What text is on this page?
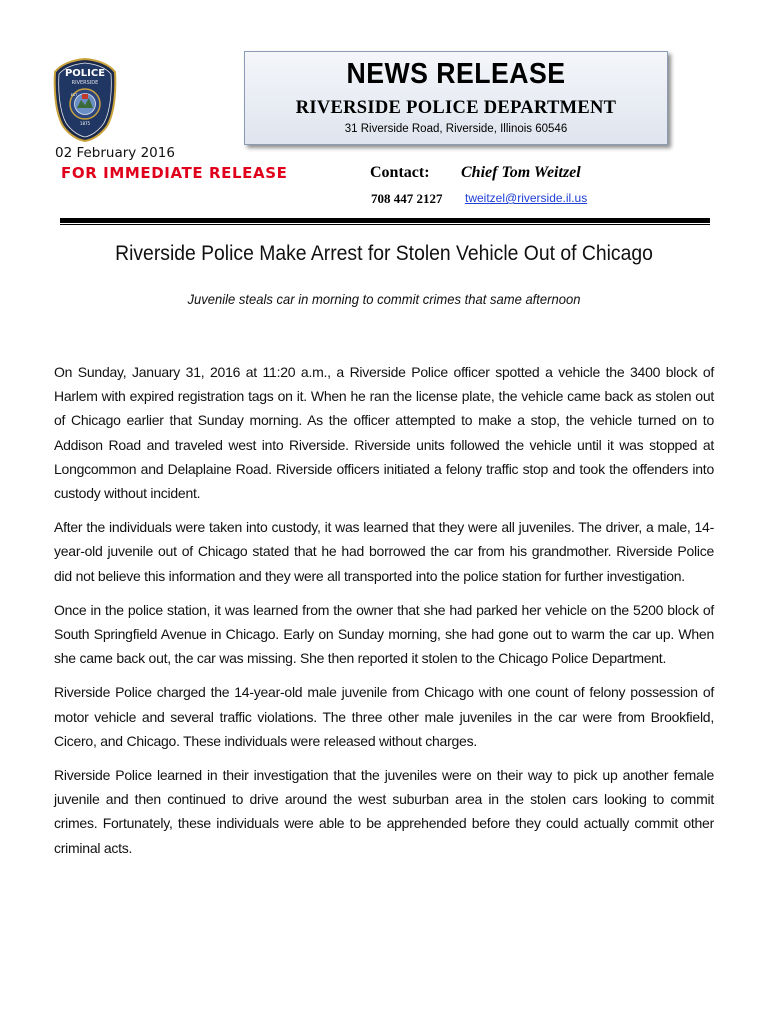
POLICE
RIVERSIDE
EST
1875
NEWS RELEASE
RIVERSIDE POLICE DEPARTMENT
31 Riverside Road, Riverside, Illinois 60546
02 February 2016
FOR IMMEDIATE RELEASE	Contact: Chief Tom Weitzel
708 447 2127 tweitzel@riverside.il.us
Riverside Police Make Arrest for Stolen Vehicle Out of Chicago
Juvenile steals car in morning to commit crimes that same afternoon

On Sunday, January 31, 2016 at 11:20 a.m., a Riverside Police officer spotted a vehicle the 3400 block of Harlem with expired registration tags on it. When he ran the license plate, the vehicle came back as stolen out of Chicago earlier that Sunday morning. As the officer attempted to make a stop, the vehicle turned on to Addison Road and traveled west into Riverside. Riverside units followed the vehicle until it was stopped at Longcommon and Delaplaine Road. Riverside officers initiated a felony traffic stop and took the offenders into custody without incident.

After the individuals were taken into custody, it was learned that they were all juveniles. The driver, a male, 14-year-old juvenile out of Chicago stated that he had borrowed the car from his grandmother. Riverside Police did not believe this information and they were all transported into the police station for further investigation.

Once in the police station, it was learned from the owner that she had parked her vehicle on the 5200 block of South Springfield Avenue in Chicago. Early on Sunday morning, she had gone out to warm the car up. When she came back out, the car was missing. She then reported it stolen to the Chicago Police Department.

Riverside Police charged the 14-year-old male juvenile from Chicago with one count of felony possession of motor vehicle and several traffic violations. The three other male juveniles in the car were from Brookfield, Cicero, and Chicago. These individuals were released without charges.

Riverside Police learned in their investigation that the juveniles were on their way to pick up another female juvenile and then continued to drive around the west suburban area in the stolen cars looking to commit crimes. Fortunately, these individuals were able to be apprehended before they could actually commit other criminal acts.
